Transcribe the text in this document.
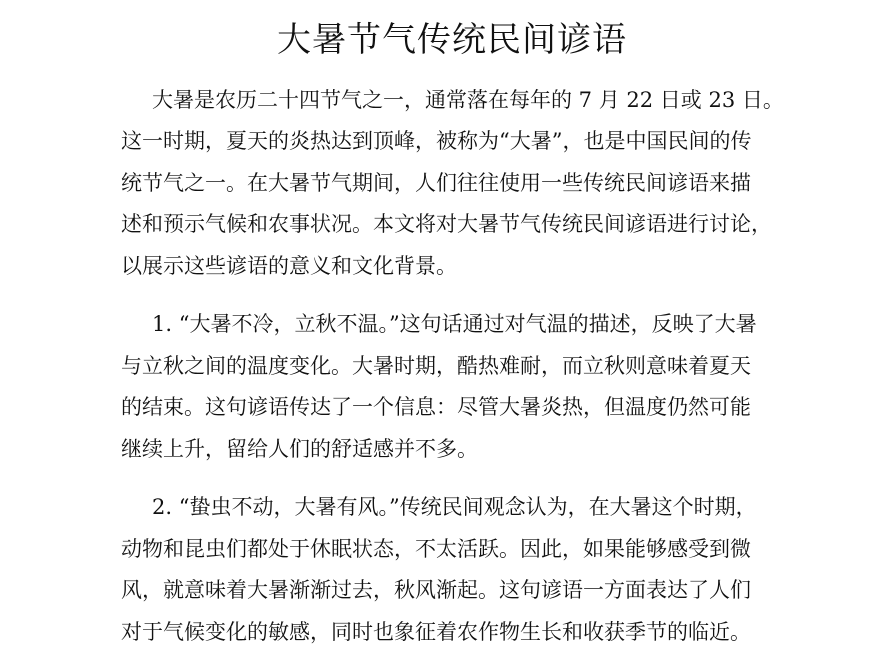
大暑节气传统民间谚语

大暑是农历二十四节气之一，通常落在每年的 7 月 22 日或 23 日。

这一时期，夏天的炎热达到顶峰，被称为“大暑”，也是中国民间的传

统节气之一。在大暑节气期间，人们往往使用一些传统民间谚语来描

述和预示气候和农事状况。本文将对大暑节气传统民间谚语进行讨论，

以展示这些谚语的意义和文化背景。

1. “大暑不冷，立秋不温。”这句话通过对气温的描述，反映了大暑

与立秋之间的温度变化。大暑时期，酷热难耐，而立秋则意味着夏天

的结束。这句谚语传达了一个信息：尽管大暑炎热，但温度仍然可能

继续上升，留给人们的舒适感并不多。

2. “蛰虫不动，大暑有风。”传统民间观念认为，在大暑这个时期，

动物和昆虫们都处于休眠状态，不太活跃。因此，如果能够感受到微

风，就意味着大暑渐渐过去，秋风渐起。这句谚语一方面表达了人们

对于气候变化的敏感，同时也象征着农作物生长和收获季节的临近。
